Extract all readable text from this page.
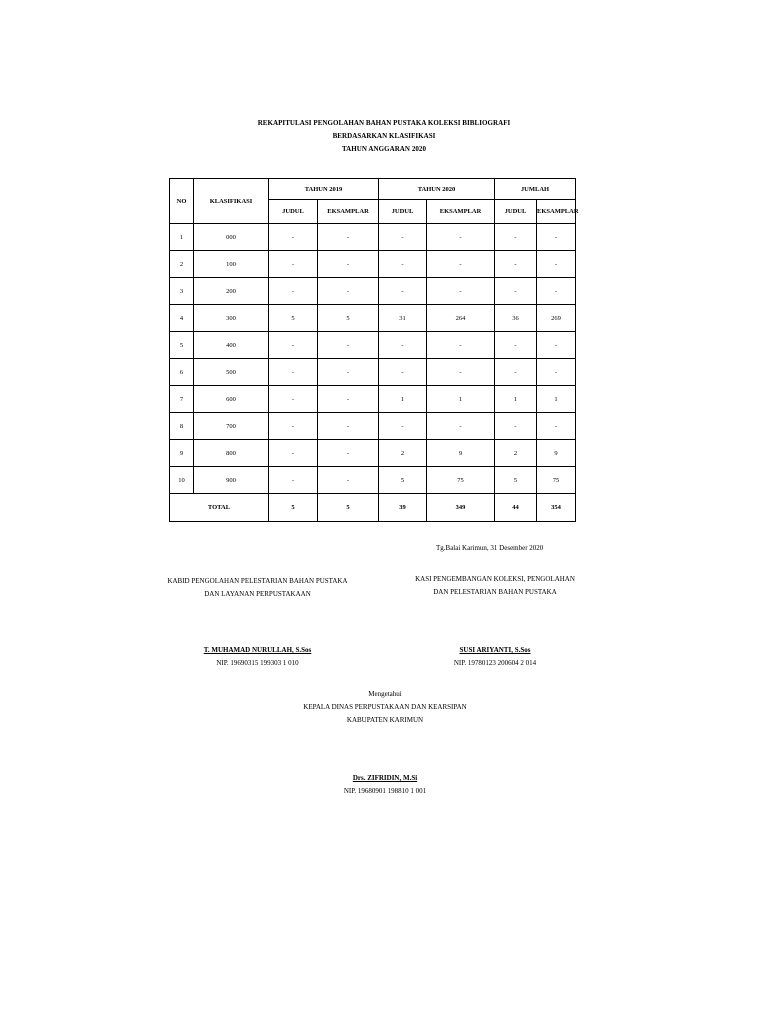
REKAPITULASI PENGOLAHAN BAHAN PUSTAKA KOLEKSI BIBLIOGRAFI
BERDASARKAN KLASIFIKASI
TAHUN ANGGARAN 2020
NO	KLASIFIKASI	TAHUN 2019		TAHUN 2020		JUMLAH	
		JUDUL	EKSAMPLAR	JUDUL	EKSAMPLAR	JUDUL	EKSAMPLAR
1	000	-	-	-	-	-	-
2	100	-	-	-	-	-	-
3	200	-	-	-	-	-	-
4	300	5	5	31	264	36	269
5	400	-	-	-	-	-	-
6	500	-	-	-	-	-	-
7	600	-	-	1	1	1	1
8	700	-	-	-	-	-	-
9	800	-	-	2	9	2	9
10	900	-	-	5	75	5	75
TOTAL		5	5	39	349	44	354
Tg.Balai Karimun, 31 Desember 2020
KABID PENGOLAHAN PELESTARIAN BAHAN PUSTAKA
DAN LAYANAN PERPUSTAKAAN
T. MUHAMAD NURULLAH, S.Sos
NIP. 19690315 199303 1 010
KASI PENGEMBANGAN KOLEKSI, PENGOLAHAN
DAN PELESTARIAN BAHAN PUSTAKA
SUSI ARIYANTI, S.Sos
NIP. 19780123 200604 2 014
Mengetahui
KEPALA DINAS PERPUSTAKAAN DAN KEARSIPAN
KABUPATEN KARIMUN
Drs. ZIFRIDIN, M.Si
NIP. 19680901 198810 1 001
